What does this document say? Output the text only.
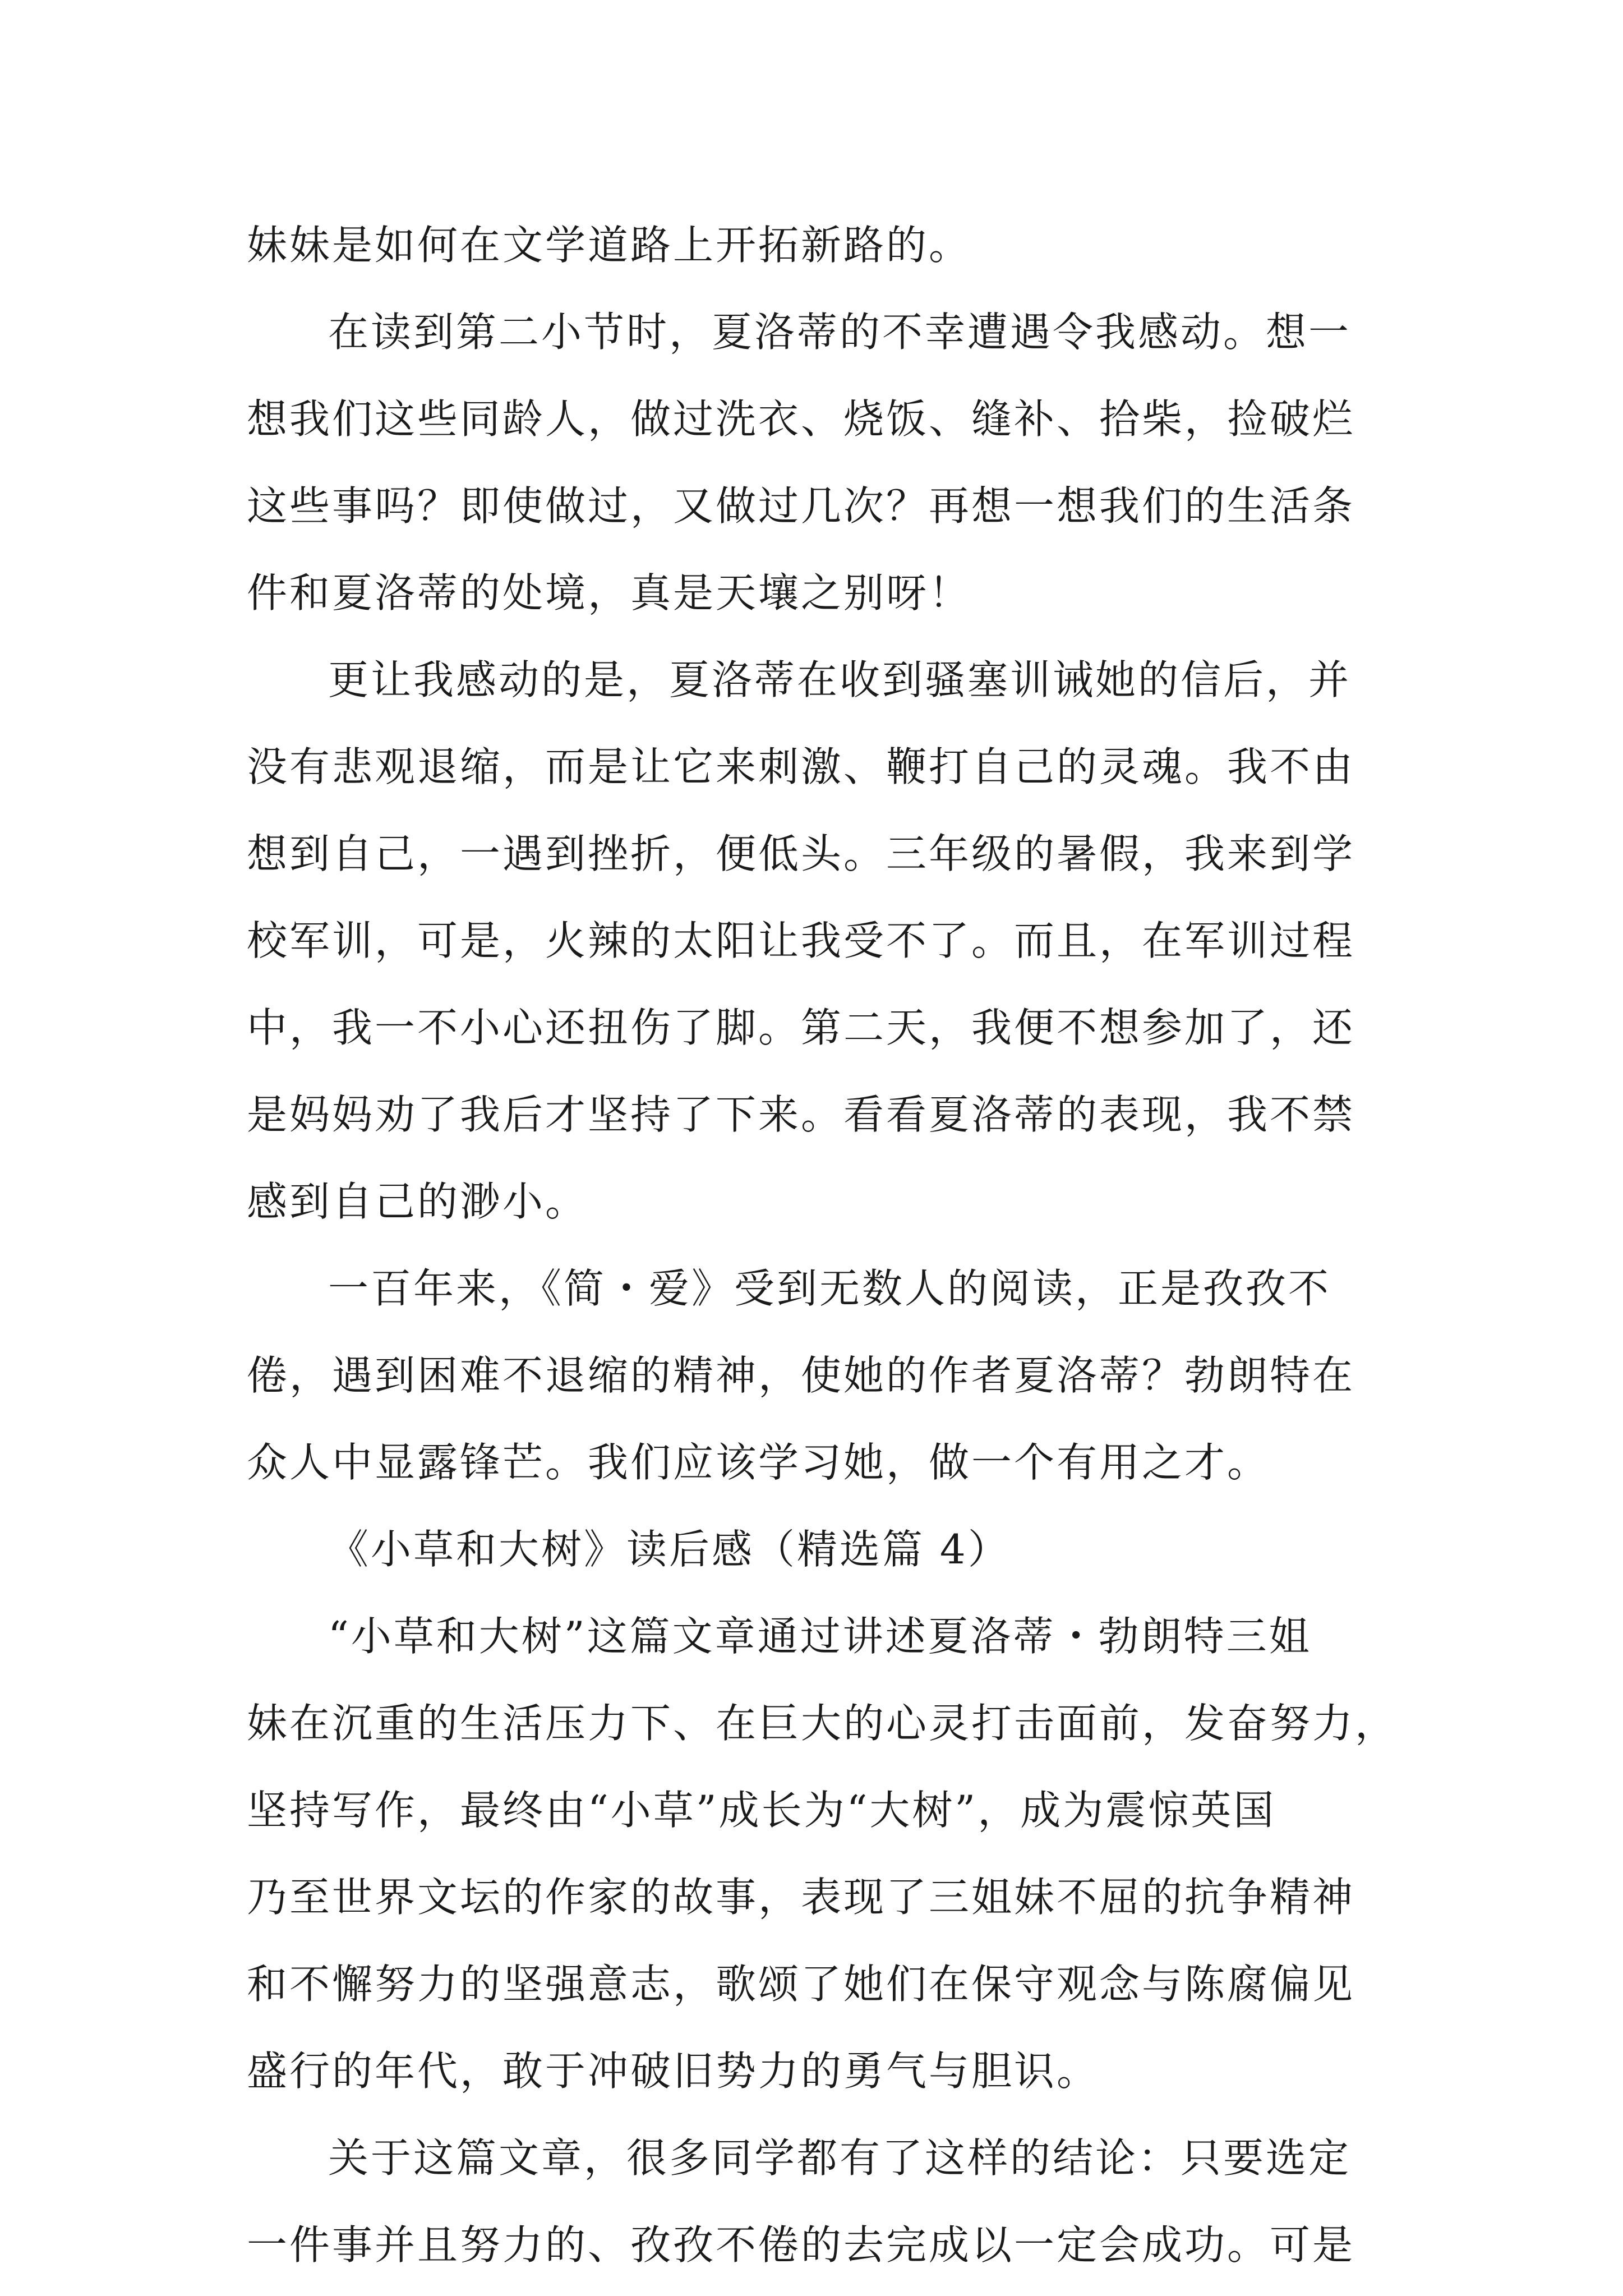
妹妹是如何在文学道路上开拓新路的。
在读到第二小节时，夏洛蒂的不幸遭遇令我感动。想一
想我们这些同龄人，做过洗衣、烧饭、缝补、拾柴，捡破烂
这些事吗？即使做过，又做过几次？再想一想我们的生活条
件和夏洛蒂的处境，真是天壤之别呀！
更让我感动的是，夏洛蒂在收到骚塞训诫她的信后，并
没有悲观退缩，而是让它来刺激、鞭打自己的灵魂。我不由
想到自己，一遇到挫折，便低头。三年级的暑假，我来到学
校军训，可是，火辣的太阳让我受不了。而且，在军训过程
中，我一不小心还扭伤了脚。第二天，我便不想参加了，还
是妈妈劝了我后才坚持了下来。看看夏洛蒂的表现，我不禁
感到自己的渺小。
一百年来，《简・爱》受到无数人的阅读，正是孜孜不
倦，遇到困难不退缩的精神，使她的作者夏洛蒂？勃朗特在
众人中显露锋芒。我们应该学习她，做一个有用之才。
《小草和大树》读后感（精选篇 4）
“小草和大树”这篇文章通过讲述夏洛蒂・勃朗特三姐
妹在沉重的生活压力下、在巨大的心灵打击面前，发奋努力，
坚持写作，最终由“小草”成长为“大树”，成为震惊英国
乃至世界文坛的作家的故事，表现了三姐妹不屈的抗争精神
和不懈努力的坚强意志，歌颂了她们在保守观念与陈腐偏见
盛行的年代，敢于冲破旧势力的勇气与胆识。
关于这篇文章，很多同学都有了这样的结论：只要选定
一件事并且努力的、孜孜不倦的去完成以一定会成功。可是
